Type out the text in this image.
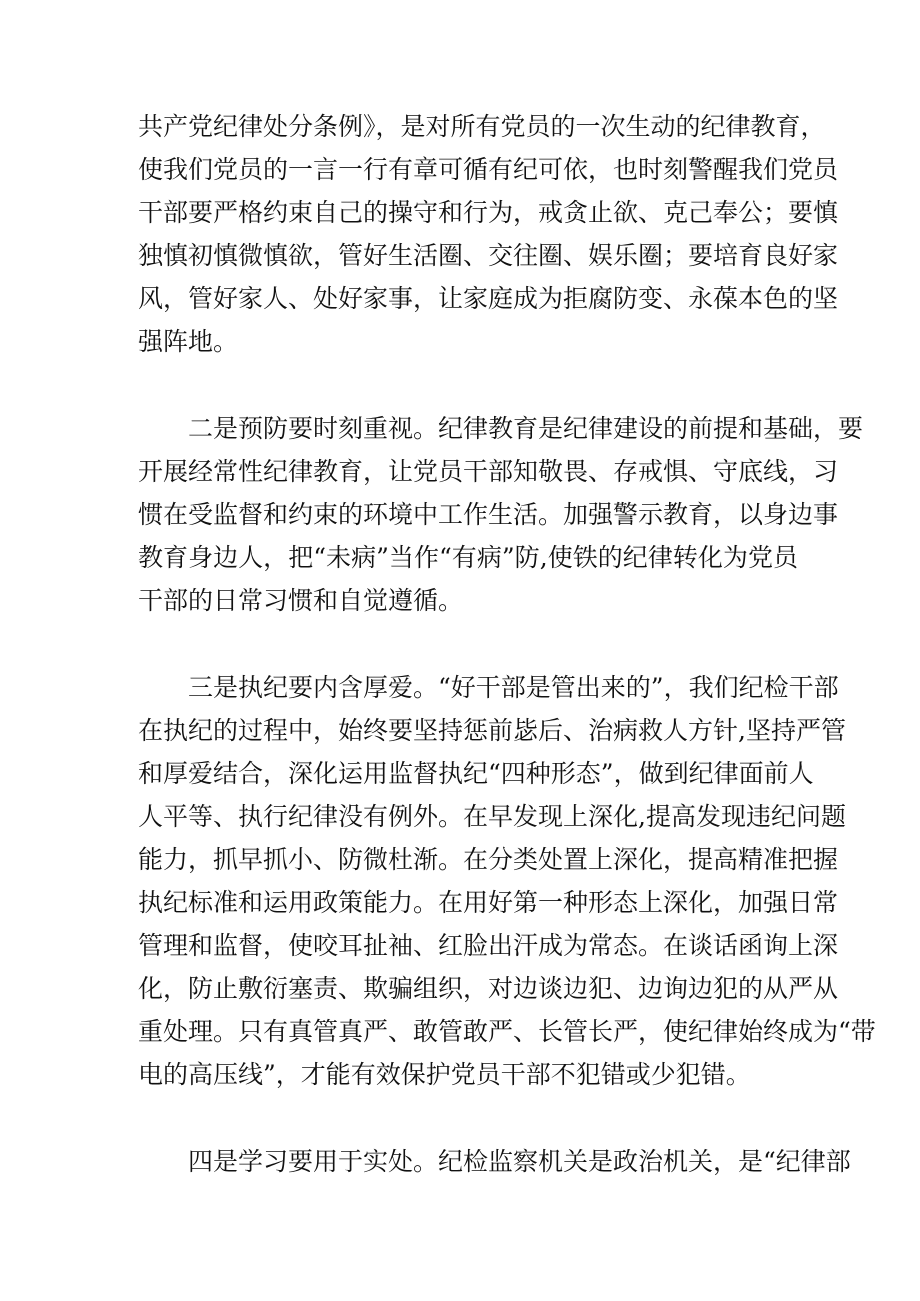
共产党纪律处分条例》，是对所有党员的一次生动的纪律教育，
使我们党员的一言一行有章可循有纪可依，也时刻警醒我们党员
干部要严格约束自己的操守和行为，戒贪止欲、克己奉公；要慎
独慎初慎微慎欲，管好生活圈、交往圈、娱乐圈；要培育良好家
风，管好家人、处好家事，让家庭成为拒腐防变、永葆本色的坚
强阵地。
　　二是预防要时刻重视。纪律教育是纪律建设的前提和基础，要
开展经常性纪律教育，让党员干部知敬畏、存戒惧、守底线，习
惯在受监督和约束的环境中工作生活。加强警示教育，以身边事
教育身边人，把“未病”当作“有病”防,使铁的纪律转化为党员
干部的日常习惯和自觉遵循。
　　三是执纪要内含厚爱。“好干部是管出来的”，我们纪检干部
在执纪的过程中，始终要坚持惩前毖后、治病救人方针,坚持严管
和厚爱结合，深化运用监督执纪“四种形态”，做到纪律面前人
人平等、执行纪律没有例外。在早发现上深化,提高发现违纪问题
能力，抓早抓小、防微杜渐。在分类处置上深化，提高精准把握
执纪标准和运用政策能力。在用好第一种形态上深化，加强日常
管理和监督，使咬耳扯袖、红脸出汗成为常态。在谈话函询上深
化，防止敷衍塞责、欺骗组织，对边谈边犯、边询边犯的从严从
重处理。只有真管真严、敢管敢严、长管长严，使纪律始终成为“带
电的高压线”，才能有效保护党员干部不犯错或少犯错。
　　四是学习要用于实处。纪检监察机关是政治机关，是“纪律部
